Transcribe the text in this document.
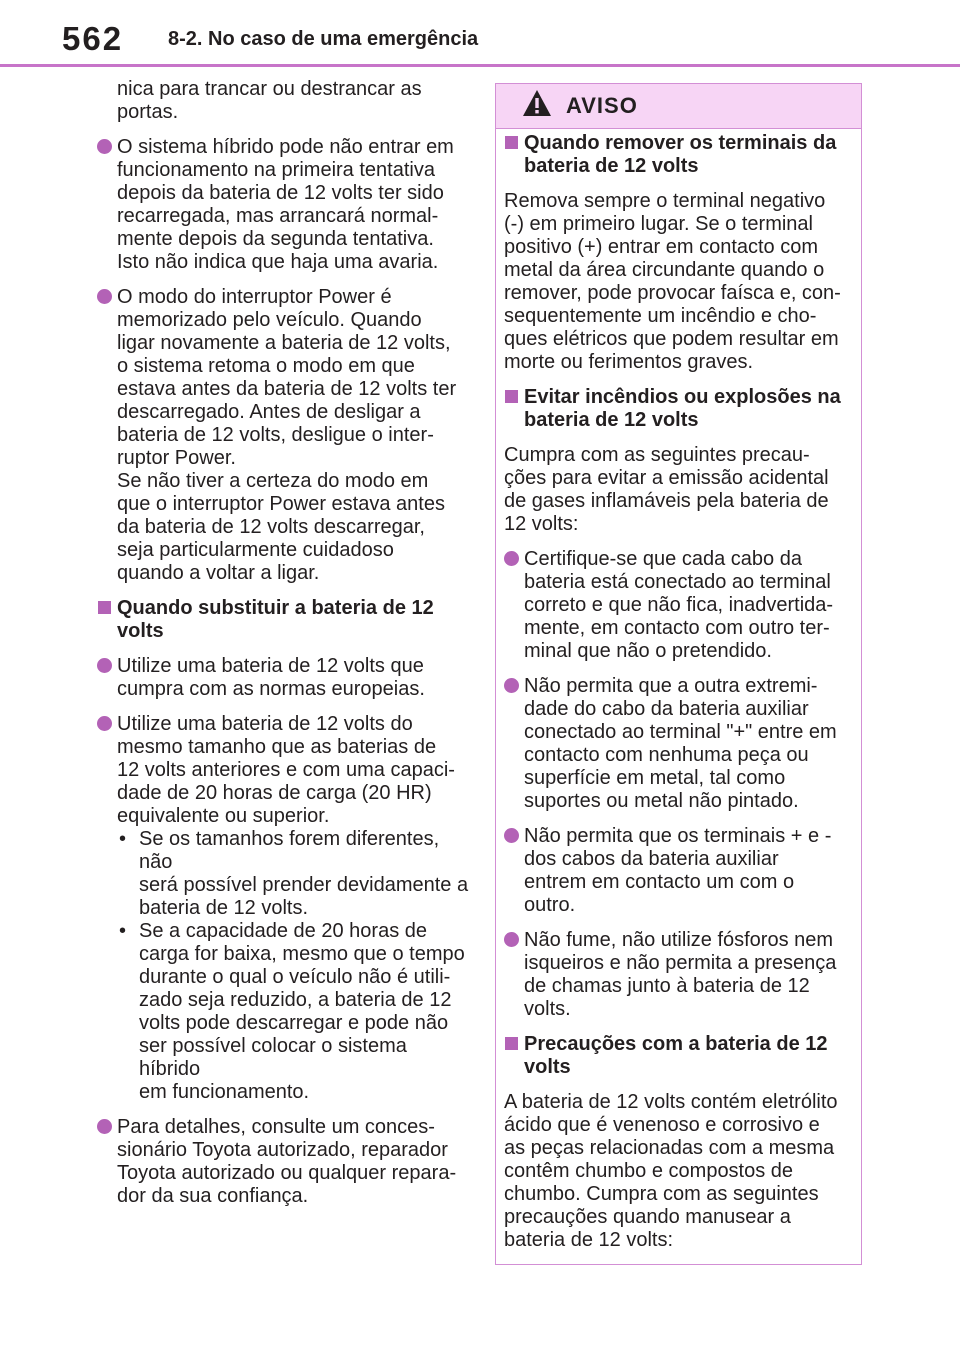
562 8-2. No caso de uma emergência
nica para trancar ou destrancar as
portas.
O sistema híbrido pode não entrar em
funcionamento na primeira tentativa
depois da bateria de 12 volts ter sido
recarregada, mas arrancará normal-
mente depois da segunda tentativa.
Isto não indica que haja uma avaria.
O modo do interruptor Power é
memorizado pelo veículo. Quando
ligar novamente a bateria de 12 volts,
o sistema retoma o modo em que
estava antes da bateria de 12 volts ter
descarregado. Antes de desligar a
bateria de 12 volts, desligue o inter-
ruptor Power.
Se não tiver a certeza do modo em
que o interruptor Power estava antes
da bateria de 12 volts descarregar,
seja particularmente cuidadoso
quando a voltar a ligar.
Quando substituir a bateria de 12
volts
Utilize uma bateria de 12 volts que
cumpra com as normas europeias.
Utilize uma bateria de 12 volts do
mesmo tamanho que as baterias de
12 volts anteriores e com uma capaci-
dade de 20 horas de carga (20 HR)
equivalente ou superior.
• Se os tamanhos forem diferentes, não
será possível prender devidamente a
bateria de 12 volts.
• Se a capacidade de 20 horas de
carga for baixa, mesmo que o tempo
durante o qual o veículo não é utili-
zado seja reduzido, a bateria de 12
volts pode descarregar e pode não
ser possível colocar o sistema híbrido
em funcionamento.
Para detalhes, consulte um conces-
sionário Toyota autorizado, reparador
Toyota autorizado ou qualquer repara-
dor da sua confiança.
AVISO
Quando remover os terminais da
bateria de 12 volts
Remova sempre o terminal negativo
(-) em primeiro lugar. Se o terminal
positivo (+) entrar em contacto com
metal da área circundante quando o
remover, pode provocar faísca e, con-
sequentemente um incêndio e cho-
ques elétricos que podem resultar em
morte ou ferimentos graves.
Evitar incêndios ou explosões na
bateria de 12 volts
Cumpra com as seguintes precau-
ções para evitar a emissão acidental
de gases inflamáveis pela bateria de
12 volts:
Certifique-se que cada cabo da
bateria está conectado ao terminal
correto e que não fica, inadvertida-
mente, em contacto com outro ter-
minal que não o pretendido.
Não permita que a outra extremi-
dade do cabo da bateria auxiliar
conectado ao terminal "+" entre em
contacto com nenhuma peça ou
superfície em metal, tal como
suportes ou metal não pintado.
Não permita que os terminais + e -
dos cabos da bateria auxiliar
entrem em contacto um com o
outro.
Não fume, não utilize fósforos nem
isqueiros e não permita a presença
de chamas junto à bateria de 12
volts.
Precauções com a bateria de 12
volts
A bateria de 12 volts contém eletrólito
ácido que é venenoso e corrosivo e
as peças relacionadas com a mesma
contêm chumbo e compostos de
chumbo. Cumpra com as seguintes
precauções quando manusear a
bateria de 12 volts:
